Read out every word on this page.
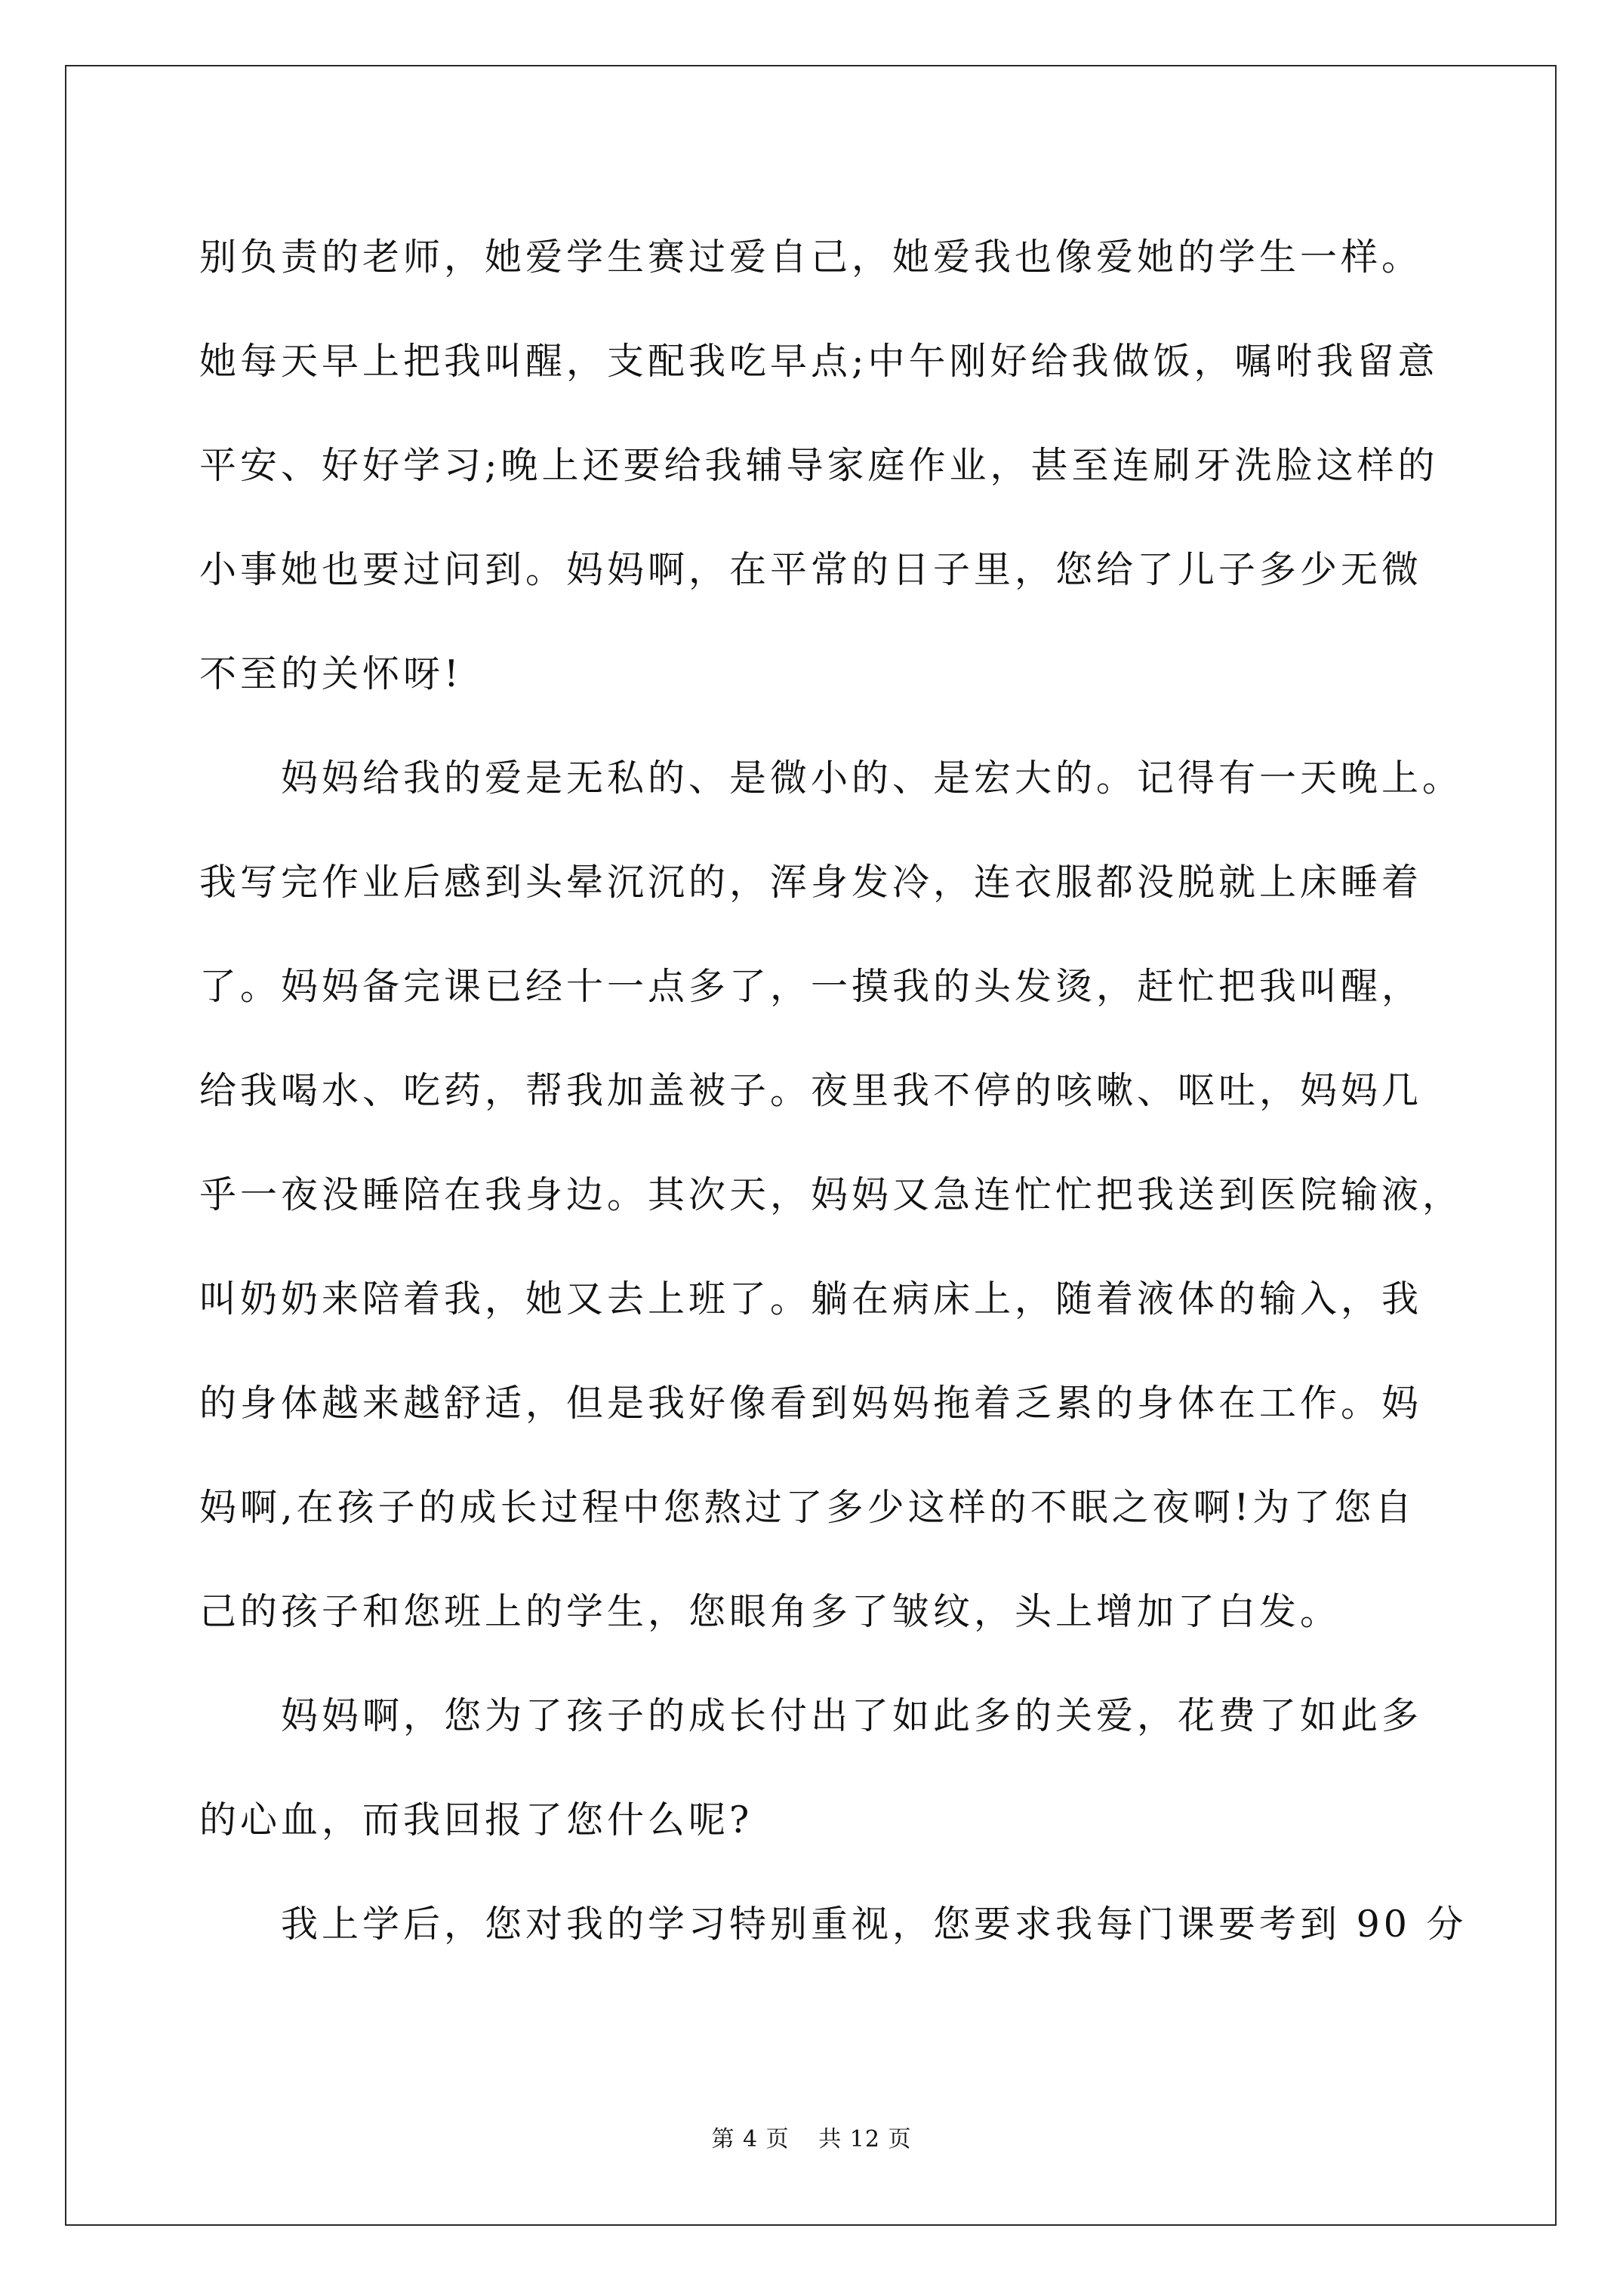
别负责的老师，她爱学生赛过爱自己，她爱我也像爱她的学生一样。
她每天早上把我叫醒，支配我吃早点;中午刚好给我做饭，嘱咐我留意
平安、好好学习;晚上还要给我辅导家庭作业，甚至连刷牙洗脸这样的
小事她也要过问到。妈妈啊，在平常的日子里，您给了儿子多少无微
不至的关怀呀!
妈妈给我的爱是无私的、是微小的、是宏大的。记得有一天晚上。
我写完作业后感到头晕沉沉的，浑身发冷，连衣服都没脱就上床睡着
了。妈妈备完课已经十一点多了，一摸我的头发烫，赶忙把我叫醒，
给我喝水、吃药，帮我加盖被子。夜里我不停的咳嗽、呕吐，妈妈几
乎一夜没睡陪在我身边。其次天，妈妈又急连忙忙把我送到医院输液，
叫奶奶来陪着我，她又去上班了。躺在病床上，随着液体的输入，我
的身体越来越舒适，但是我好像看到妈妈拖着乏累的身体在工作。妈
妈啊,在孩子的成长过程中您熬过了多少这样的不眠之夜啊!为了您自
己的孩子和您班上的学生，您眼角多了皱纹，头上增加了白发。
妈妈啊，您为了孩子的成长付出了如此多的关爱，花费了如此多
的心血，而我回报了您什么呢?
我上学后，您对我的学习特别重视，您要求我每门课要考到 90 分
第 4 页 共 12 页
